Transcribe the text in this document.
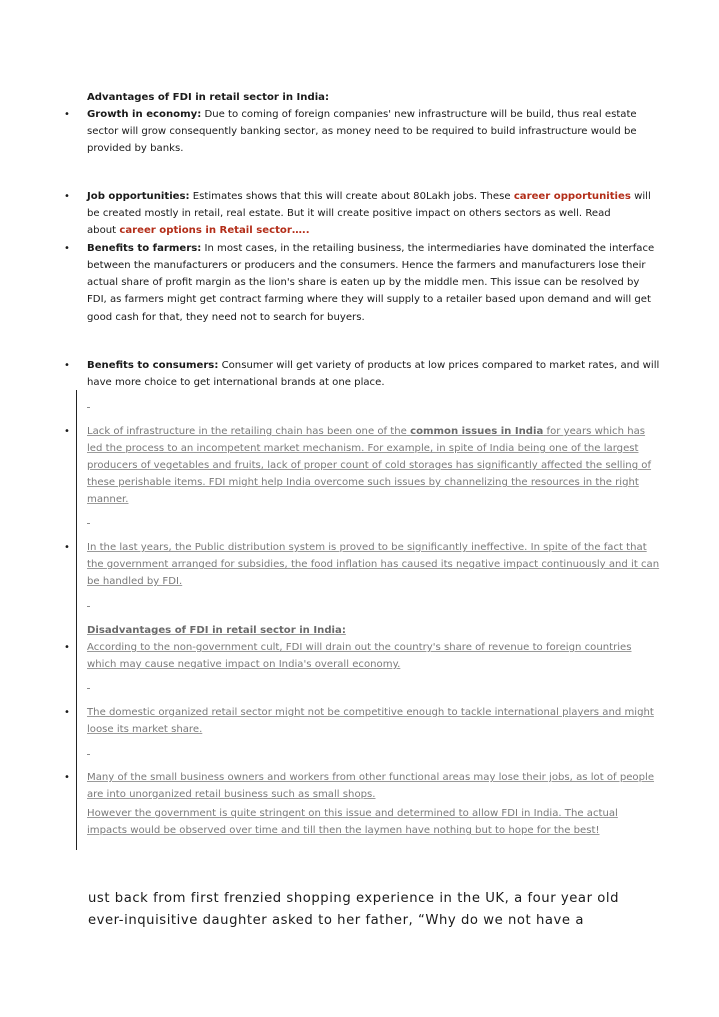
Advantages of FDI in retail sector in India:
• Growth in economy: Due to coming of foreign companies' new infrastructure will be build, thus real estate
sector will grow consequently banking sector, as money need to be required to build infrastructure would be
provided by banks.
• Job opportunities: Estimates shows that this will create about 80Lakh jobs. These career opportunities will
be created mostly in retail, real estate. But it will create positive impact on others sectors as well. Read
about career options in Retail sector…..
• Benefits to farmers: In most cases, in the retailing business, the intermediaries have dominated the interface
between the manufacturers or producers and the consumers. Hence the farmers and manufacturers lose their
actual share of profit margin as the lion's share is eaten up by the middle men. This issue can be resolved by
FDI, as farmers might get contract farming where they will supply to a retailer based upon demand and will get
good cash for that, they need not to search for buyers.
• Benefits to consumers: Consumer will get variety of products at low prices compared to market rates, and will
have more choice to get international brands at one place.
• Lack of infrastructure in the retailing chain has been one of the common issues in India for years which has
led the process to an incompetent market mechanism. For example, in spite of India being one of the largest
producers of vegetables and fruits, lack of proper count of cold storages has significantly affected the selling of
these perishable items. FDI might help India overcome such issues by channelizing the resources in the right
manner.
• In the last years, the Public distribution system is proved to be significantly ineffective. In spite of the fact that
the government arranged for subsidies, the food inflation has caused its negative impact continuously and it can
be handled by FDI.
Disadvantages of FDI in retail sector in India:
• According to the non-government cult, FDI will drain out the country's share of revenue to foreign countries
which may cause negative impact on India's overall economy.
• The domestic organized retail sector might not be competitive enough to tackle international players and might
loose its market share.
• Many of the small business owners and workers from other functional areas may lose their jobs, as lot of people
are into unorganized retail business such as small shops.
However the government is quite stringent on this issue and determined to allow FDI in India. The actual
impacts would be observed over time and till then the laymen have nothing but to hope for the best!
ust back from first frenzied shopping experience in the UK, a four year old
ever-inquisitive daughter asked to her father, “Why do we not have a
